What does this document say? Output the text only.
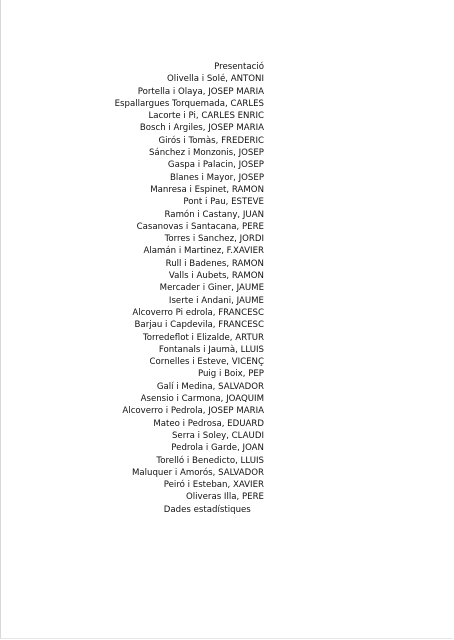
Presentació
Olivella i Solé, ANTONI
Portella i Olaya, JOSEP MARIA
Espallargues Torquemada, CARLES
Lacorte i Pi, CARLES ENRIC
Bosch i Argiles, JOSEP MARIA
Girós i Tomàs, FREDERIC
Sánchez i Monzonis, JOSEP
Gaspa i Palacin, JOSEP
Blanes i Mayor, JOSEP
Manresa i Espinet, RAMON
Pont i Pau, ESTEVE
Ramón i Castany, JUAN
Casanovas i Santacana, PERE
Torres i Sanchez, JORDI
Alamán i Martinez, F.XAVIER
Rull i Badenes, RAMON
Valls i Aubets, RAMON
Mercader i Giner, JAUME
Iserte i Andani, JAUME
Alcoverro Pi edrola, FRANCESC
Barjau i Capdevila, FRANCESC
Torredeflot i Elizalde, ARTUR
Fontanals i Jaumà, LLUIS
Cornelles i Esteve, VICENÇ
Puig i Boix, PEP
Galí i Medina, SALVADOR
Asensio i Carmona, JOAQUIM
Alcoverro i Pedrola, JOSEP MARIA
Mateo i Pedrosa, EDUARD
Serra i Soley, CLAUDI
Pedrola i Garde, JOAN
Torelló i Benedicto, LLUIS
Maluquer i Amorós, SALVADOR
Peiró i Esteban, XAVIER
Oliveras Illa, PERE
Dades estadístiques
